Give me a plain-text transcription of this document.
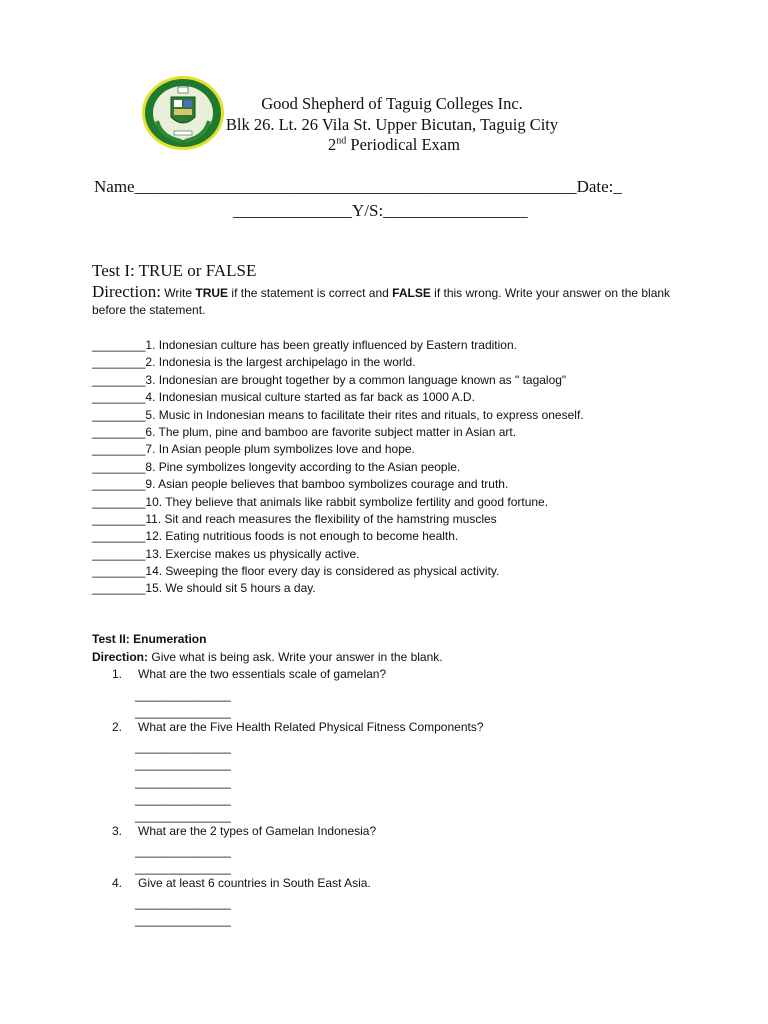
Good Shepherd of Taguig Colleges Inc.
Blk 26. Lt. 26 Vila St. Upper Bicutan, Taguig City
2nd Periodical Exam
Name____________________________________________________Date:_
______________Y/S:_________________
Test I: TRUE or FALSE
Direction: Write TRUE if the statement is correct and FALSE if this wrong. Write your answer on the blank before the statement.
________1. Indonesian culture has been greatly influenced by Eastern tradition.
________2. Indonesia is the largest archipelago in the world.
________3. Indonesian are brought together by a common language known as " tagalog"
________4. Indonesian musical culture started as far back as 1000 A.D.
________5. Music in Indonesian means to facilitate their rites and rituals, to express oneself.
________6. The plum, pine and bamboo are favorite subject matter in Asian art.
________7. In Asian people plum symbolizes love and hope.
________8. Pine symbolizes longevity according to the Asian people.
________9. Asian people believes that bamboo symbolizes courage and truth.
________10. They believe that animals like rabbit symbolize fertility and good fortune.
________11. Sit and reach measures the flexibility of the hamstring muscles
________12. Eating nutritious foods is not enough to become health.
________13. Exercise makes us physically active.
________14. Sweeping the floor every day is considered as physical activity.
________15. We should sit 5 hours a day.
Test II: Enumeration
Direction: Give what is being ask. Write your answer in the blank.
1. What are the two essentials scale of gamelan?
_______________
_______________
2. What are the Five Health Related Physical Fitness Components?
_______________
_______________
_______________
_______________
_______________
3. What are the 2 types of Gamelan Indonesia?
_______________
_______________
4. Give at least 6 countries in South East Asia.
_______________
_______________
